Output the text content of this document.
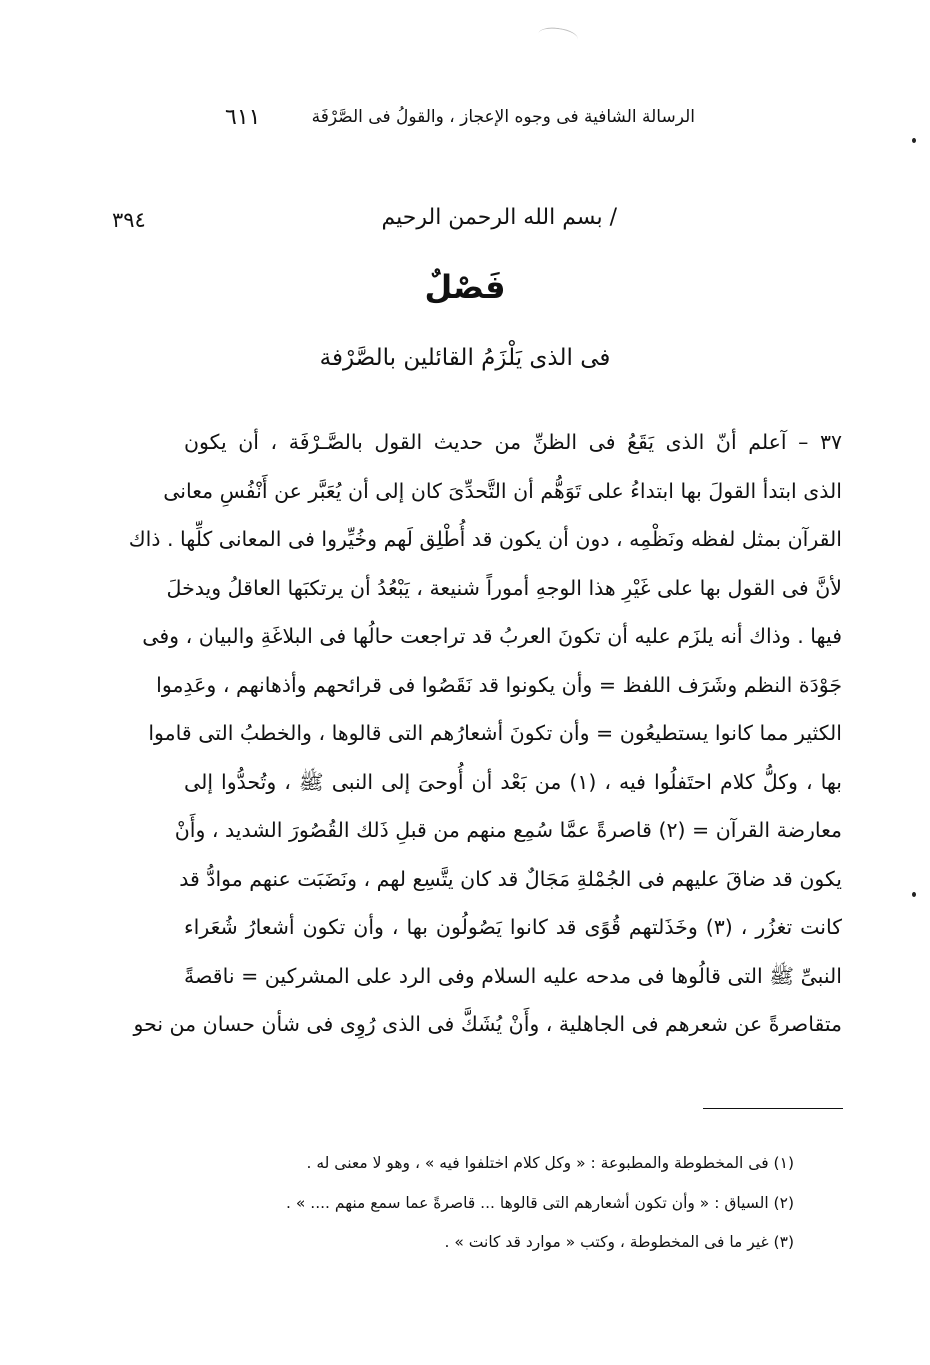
الرسالة الشافية فى وجوه الإعجاز ، والقولُ فى الصَّرْفَة
٦١١
٣٩٤	/ بسم الله الرحمن الرحيم
فَصْلٌ
فى الذى يَلْزَمُ القائلين بالصَّرْفة
٣٧ – آعلم أنّ الذى يَقَعُ فى الظنِّ من حديث القول بالصَّـرْفَة ، أن يكون
الذى ابتدأ القولَ بها ابتداءُ على تَوَهُّم أن التَّحدِّىَ كان إلى أن يُعَبَّر عن أَنْفُسِ معانى
القرآن بمثل لفظه ونَظْمِه ، دون أن يكون قد أُطْلِق لَهم وخُيِّروا فى المعانى كلِّها . ذاك
لأنَّ فى القول بها على غَيْرِ هذا الوجهِ أموراً شنيعة ، يَبْعُدُ أن يرتكبَها العاقلُ ويدخلَ
فيها . وذاك أنه يلزَم عليه أن تكونَ العربُ قد تراجعت حالُها فى البلاغَةِ والبيان ، وفى
جَوْدَة النظم وشَرَف اللفظ = وأن يكونوا قد نَقَصُوا فى قرائحهم وأذهانهم ، وعَدِموا
الكثير مما كانوا يستطيعُون = وأن تكونَ أشعارُهم التى قالوها ، والخطبُ التى قاموا
بها ، وكلُّ كلام احتَفلُوا فيه ، (١) من بَعْد أن أُوحىَ إلى النبى ﷺ ، وتُحدُّوا إلى
معارضة القرآن = (٢) قاصرةً عمَّا سُمِع منهم من قبلِ ذَلك القُصُورَ الشديد ، وأَنْ
يكون قد ضاقَ عليهم فى الجُمْلةِ مَجَالٌ قد كان يتَّسِع لهم ، ونَضَبَت عنهم موادُّ قد
كانت تغزُر ، (٣) وخَذَلتهم قُوًى قد كانوا يَصُولُون بها ، وأن تكون أشعارُ شُعَراء
النبىِّ ﷺ التى قالُوها فى مدحه عليه السلام وفى الرد على المشركين = ناقصةً
متقاصرةً عن شعرهم فى الجاهلية ، وأَنْ يُشَكَّ فى الذى رُوِى فى شأن حسان من نحو
(١) فى المخطوطة والمطبوعة : « وكل كلام اختلفوا فيه » ، وهو لا معنى له .
(٢) السياق : « وأن تكون أشعارهم التى قالوها ... قاصرةً عما سمع منهم .... » .
(٣) غير ما فى المخطوطة ، وكتب « موارد قد كانت » .
